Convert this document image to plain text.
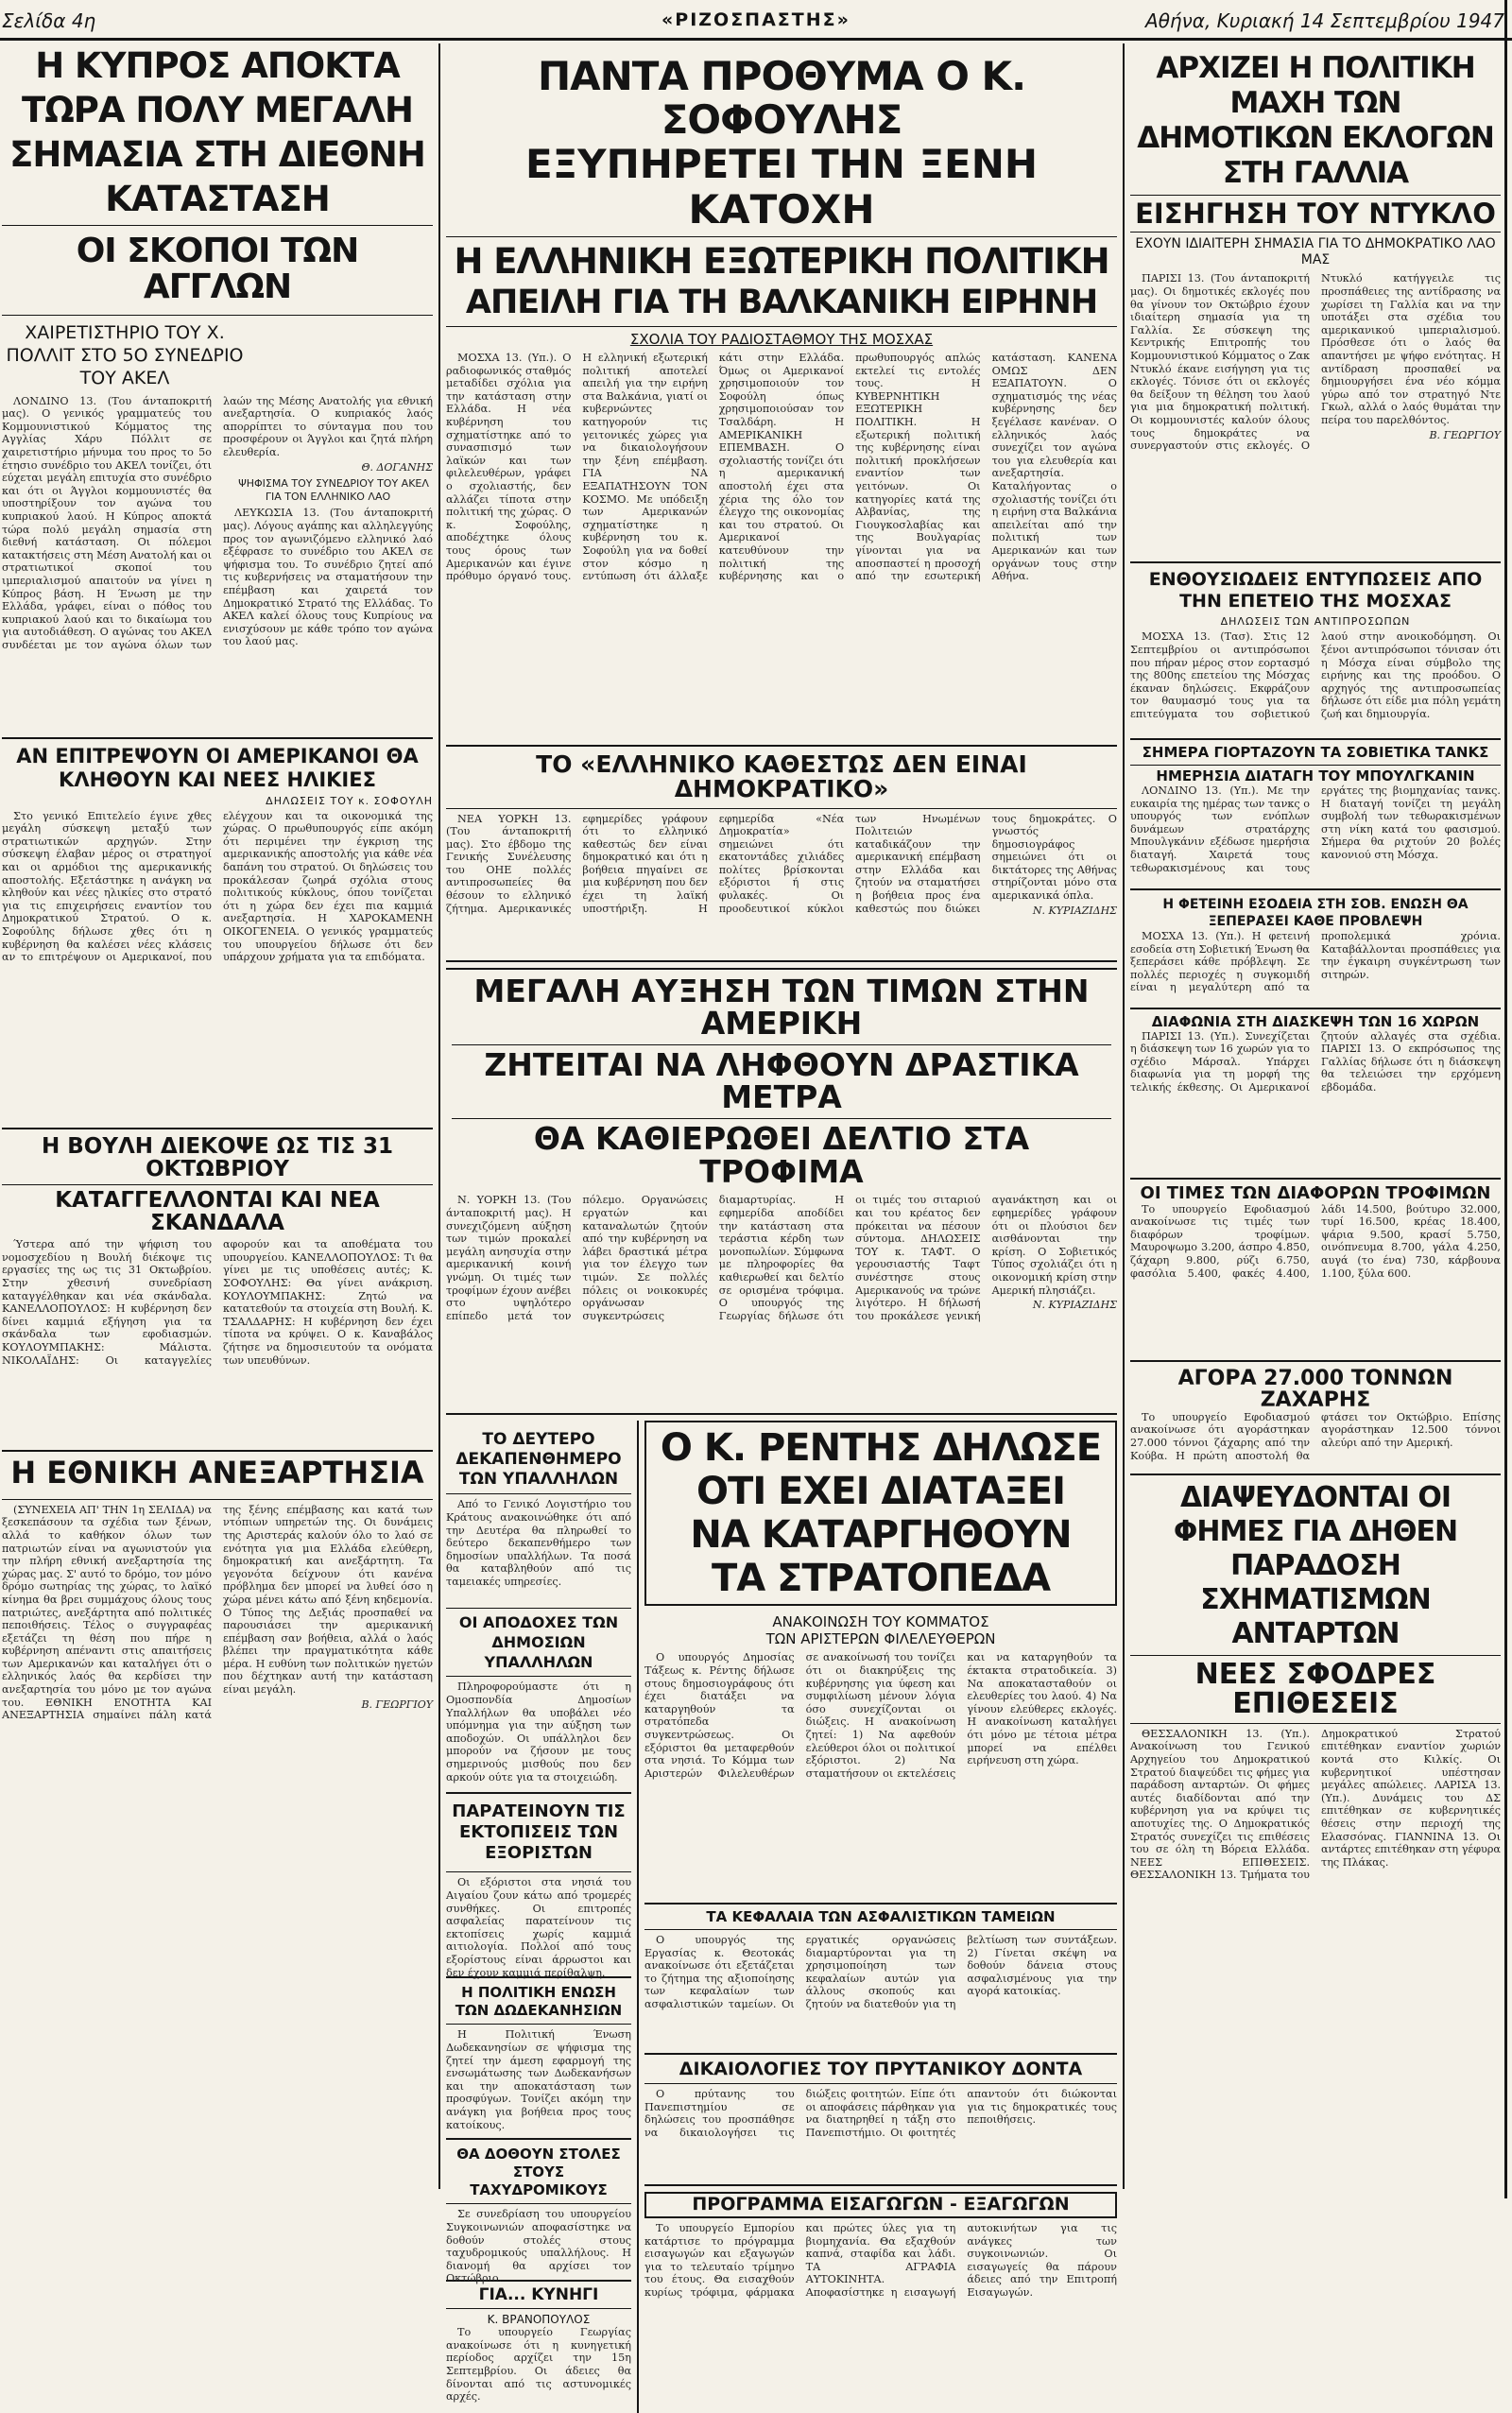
Σελίδα 4η	«ΡΙΖΟΣΠΑΣΤΗΣ»	Αθήνα, Κυριακή 14 Σεπτεμβρίου 1947
Η ΚΥΠΡΟΣ ΑΠΟΚΤΑ ΤΩΡΑ ΠΟΛΥ ΜΕΓΑΛΗ ΣΗΜΑΣΙΑ ΣΤΗ ΔΙΕΘΝΗ ΚΑΤΑΣΤΑΣΗ
ΟΙ ΣΚΟΠΟΙ ΤΩΝ ΑΓΓΛΩΝ

ΧΑΙΡΕΤΙΣΤΗΡΙΟ ΤΟΥ Χ. ΠΟΛΛΙΤ ΣΤΟ 5Ο ΣΥΝΕΔΡΙΟ ΤΟΥ ΑΚΕΛ

ΛΟΝΔΙΝΟ 13. (Του άνταποκριτή μας). Ο γενικός γραμματεύς του Κομμουνιστικού Κόμματος της Αγγλίας Χάρυ Πόλλιτ σε χαιρετιστήριο μήνυμα του προς το 5ο έτησιο συνέδριο του ΑΚΕΛ τονίζει, ότι εύχεται μεγάλη επιτυχία στο συνέδριο και ότι οι Άγγλοι κομμουνιστές θα υποστηρίξουν τον αγώνα του κυπριακού λαού. Η Κύπρος αποκτά τώρα πολύ μεγάλη σημασία στη διεθνή κατάσταση. Οι πόλεμοι κατακτήσεις στη Μέση Ανατολή και οι στρατιωτικοί σκοποί του ιμπεριαλισμού απαιτούν να γίνει η Κύπρος βάση. Η Ένωση με την Ελλάδα, γράφει, είναι ο πόθος του κυπριακού λαού και το δικαίωμα του για αυτοδιάθεση. Ο αγώνας του ΑΚΕΛ συνδέεται με τον αγώνα όλων των λαών της Μέσης Ανατολής για εθνική ανεξαρτησία. Ο κυπριακός λαός απορρίπτει το σύνταγμα που του προσφέρουν οι Άγγλοι και ζητά πλήρη ελευθερία.

Θ. ΔΟΓΑΝΗΣ

ΨΗΦΙΣΜΑ ΤΟΥ ΣΥΝΕΔΡΙΟΥ ΤΟΥ ΑΚΕΛ ΓΙΑ ΤΟΝ ΕΛΛΗΝΙΚΟ ΛΑΟ

ΛΕΥΚΩΣΙΑ 13. (Του άνταποκριτή μας). Λόγους αγάπης και αλληλεγγύης προς τον αγωνιζόμενο ελληνικό λαό εξέφρασε το συνέδριο του ΑΚΕΛ σε ψήφισμα του. Το συνέδριο ζητεί από τις κυβερνήσεις να σταματήσουν την επέμβαση και χαιρετά τον Δημοκρατικό Στρατό της Ελλάδας. Το ΑΚΕΛ καλεί όλους τους Κυπρίους να ενισχύσουν με κάθε τρόπο τον αγώνα του λαού μας.

ΑΝ ΕΠΙΤΡΕΨΟΥΝ ΟΙ ΑΜΕΡΙΚΑΝΟΙ ΘΑ ΚΛΗΘΟΥΝ ΚΑΙ ΝΕΕΣ ΗΛΙΚΙΕΣ

ΔΗΛΩΣΕΙΣ ΤΟΥ κ. ΣΟΦΟΥΛΗ

Στο γενικό Επιτελείο έγινε χθες μεγάλη σύσκεψη μεταξύ των στρατιωτικών αρχηγών. Στην σύσκεψη έλαβαν μέρος οι στρατηγοί και οι αρμόδιοι της αμερικανικής αποστολής. Εξετάστηκε η ανάγκη να κληθούν και νέες ηλικίες στο στρατό για τις επιχειρήσεις εναντίον του Δημοκρατικού Στρατού. Ο κ. Σοφούλης δήλωσε χθες ότι η κυβέρνηση θα καλέσει νέες κλάσεις αν το επιτρέψουν οι Αμερικανοί, που ελέγχουν και τα οικονομικά της χώρας. Ο πρωθυπουργός είπε ακόμη ότι περιμένει την έγκριση της αμερικανικής αποστολής για κάθε νέα δαπάνη του στρατού. Οι δηλώσεις του προκάλεσαν ζωηρά σχόλια στους πολιτικούς κύκλους, όπου τονίζεται ότι η χώρα δεν έχει πια καμμιά ανεξαρτησία. Η ΧΑΡΟΚΑΜΕΝΗ ΟΙΚΟΓΕΝΕΙΑ. Ο γενικός γραμματεύς του υπουργείου δήλωσε ότι δεν υπάρχουν χρήματα για τα επιδόματα.

Η ΒΟΥΛΗ ΔΙΕΚΟΨΕ ΩΣ ΤΙΣ 31 ΟΚΤΩΒΡΙΟΥ
ΚΑΤΑΓΓΕΛΛΟΝΤΑΙ ΚΑΙ ΝΕΑ ΣΚΑΝΔΑΛΑ

Ύστερα από την ψήφιση του νομοσχεδίου η Βουλή διέκοψε τις εργασίες της ως τις 31 Οκτωβρίου. Στην χθεσινή συνεδρίαση καταγγέλθηκαν και νέα σκάνδαλα. ΚΑΝΕΛΛΟΠΟΥΛΟΣ: Η κυβέρνηση δεν δίνει καμμιά εξήγηση για τα σκάνδαλα των εφοδιασμών. ΚΟΥΛΟΥΜΠΑΚΗΣ: Μάλιστα. ΝΙΚΟΛΑΪΔΗΣ: Οι καταγγελίες αφορούν και τα αποθέματα του υπουργείου. ΚΑΝΕΛΛΟΠΟΥΛΟΣ: Τι θα γίνει με τις υποθέσεις αυτές; Κ. ΣΟΦΟΥΛΗΣ: Θα γίνει ανάκριση. ΚΟΥΛΟΥΜΠΑΚΗΣ: Ζητώ να κατατεθούν τα στοιχεία στη Βουλή. Κ. ΤΣΑΛΔΑΡΗΣ: Η κυβέρνηση δεν έχει τίποτα να κρύψει. Ο κ. Καναβάλος ζήτησε να δημοσιευτούν τα ονόματα των υπευθύνων.

Η ΕΘΝΙΚΗ ΑΝΕΞΑΡΤΗΣΙΑ

(ΣΥΝΕΧΕΙΑ ΑΠ' ΤΗΝ 1η ΣΕΛΙΔΑ) να ξεσκεπάσουν τα σχέδια των ξένων, αλλά το καθήκον όλων των πατριωτών είναι να αγωνιστούν για την πλήρη εθνική ανεξαρτησία της χώρας μας. Σ' αυτό το δρόμο, τον μόνο δρόμο σωτηρίας της χώρας, το λαϊκό κίνημα θα βρει συμμάχους όλους τους πατριώτες, ανεξάρτητα από πολιτικές πεποιθήσεις. Τέλος ο συγγραφέας εξετάζει τη θέση που πήρε η κυβέρνηση απέναντι στις απαιτήσεις των Αμερικανών και καταλήγει ότι ο ελληνικός λαός θα κερδίσει την ανεξαρτησία του μόνο με τον αγώνα του. ΕΘΝΙΚΗ ΕΝΟΤΗΤΑ ΚΑΙ ΑΝΕΞΑΡΤΗΣΙΑ σημαίνει πάλη κατά της ξένης επέμβασης και κατά των ντόπιων υπηρετών της. Οι δυνάμεις της Αριστεράς καλούν όλο το λαό σε ενότητα για μια Ελλάδα ελεύθερη, δημοκρατική και ανεξάρτητη. Τα γεγονότα δείχνουν ότι κανένα πρόβλημα δεν μπορεί να λυθεί όσο η χώρα μένει κάτω από ξένη κηδεμονία. Ο Τύπος της Δεξιάς προσπαθεί να παρουσιάσει την αμερικανική επέμβαση σαν βοήθεια, αλλά ο λαός βλέπει την πραγματικότητα κάθε μέρα. Η ευθύνη των πολιτικών ηγετών που δέχτηκαν αυτή την κατάσταση είναι μεγάλη.

Β. ΓΕΩΡΓΙΟΥ

ΠΑΝΤΑ ΠΡΟΘΥΜΑ Ο Κ. ΣΟΦΟΥΛΗΣ
ΕΞΥΠΗΡΕΤΕΙ ΤΗΝ ΞΕΝΗ ΚΑΤΟΧΗ
Η ΕΛΛΗΝΙΚΗ ΕΞΩΤΕΡΙΚΗ ΠΟΛΙΤΙΚΗ
ΑΠΕΙΛΗ ΓΙΑ ΤΗ ΒΑΛΚΑΝΙΚΗ ΕΙΡΗΝΗ

ΣΧΟΛΙΑ ΤΟΥ ΡΑΔΙΟΣΤΑΘΜΟΥ ΤΗΣ ΜΟΣΧΑΣ

ΜΟΣΧΑ 13. (Υπ.). Ο ραδιοφωνικός σταθμός μεταδίδει σχόλια για την κατάσταση στην Ελλάδα. Η νέα κυβέρνηση του σχηματίστηκε από το συνασπισμό των λαϊκών και των φιλελευθέρων, γράφει ο σχολιαστής, δεν αλλάζει τίποτα στην πολιτική της χώρας. Ο κ. Σοφούλης, αποδέχτηκε όλους τους όρους των Αμερικανών και έγινε πρόθυμο όργανό τους. Η ελληνική εξωτερική πολιτική αποτελεί απειλή για την ειρήνη στα Βαλκάνια, γιατί οι κυβερνώντες κατηγορούν τις γειτονικές χώρες για να δικαιολογήσουν την ξένη επέμβαση. ΓΙΑ ΝΑ ΕΞΑΠΑΤΗΣΟΥΝ ΤΟΝ ΚΟΣΜΟ. Με υπόδειξη των Αμερικανών σχηματίστηκε η κυβέρνηση του κ. Σοφούλη για να δοθεί στον κόσμο η εντύπωση ότι άλλαξε κάτι στην Ελλάδα. Όμως οι Αμερικανοί χρησιμοποιούν τον Σοφούλη όπως χρησιμοποιούσαν τον Τσαλδάρη. Η ΑΜΕΡΙΚΑΝΙΚΗ ΕΠΕΜΒΑΣΗ. Ο σχολιαστής τονίζει ότι η αμερικανική αποστολή έχει στα χέρια της όλο τον έλεγχο της οικονομίας και του στρατού. Οι Αμερικανοί κατευθύνουν την πολιτική της κυβέρνησης και ο πρωθυπουργός απλώς εκτελεί τις εντολές τους. Η ΚΥΒΕΡΝΗΤΙΚΗ ΕΞΩΤΕΡΙΚΗ ΠΟΛΙΤΙΚΗ. Η εξωτερική πολιτική της κυβέρνησης είναι πολιτική προκλήσεων εναντίον των γειτόνων. Οι κατηγορίες κατά της Αλβανίας, της Γιουγκοσλαβίας και της Βουλγαρίας γίνονται για να αποσπαστεί η προσοχή από την εσωτερική κατάσταση. ΚΑΝΕΝΑ ΟΜΩΣ ΔΕΝ ΕΞΑΠΑΤΟΥΝ. Ο σχηματισμός της νέας κυβέρνησης δεν ξεγέλασε κανέναν. Ο ελληνικός λαός συνεχίζει τον αγώνα του για ελευθερία και ανεξαρτησία. Καταλήγοντας ο σχολιαστής τονίζει ότι η ειρήνη στα Βαλκάνια απειλείται από την πολιτική των Αμερικανών και των οργάνων τους στην Αθήνα.

ΤΟ «ΕΛΛΗΝΙΚΟ ΚΑΘΕΣΤΩΣ ΔΕΝ ΕΙΝΑΙ ΔΗΜΟΚΡΑΤΙΚΟ»

ΝΕΑ ΥΟΡΚΗ 13. (Του άνταποκριτή μας). Στο έβδομο της Γενικής Συνέλευσης του ΟΗΕ πολλές αντιπροσωπείες θα θέσουν το ελληνικό ζήτημα. Αμερικανικές εφημερίδες γράφουν ότι το ελληνικό καθεστώς δεν είναι δημοκρατικό και ότι η βοήθεια πηγαίνει σε μια κυβέρνηση που δεν έχει τη λαϊκή υποστήριξη. Η εφημερίδα «Νέα Δημοκρατία» σημειώνει ότι εκατοντάδες χιλιάδες πολίτες βρίσκονται εξόριστοι ή στις φυλακές. Οι προοδευτικοί κύκλοι των Ηνωμένων Πολιτειών καταδικάζουν την αμερικανική επέμβαση στην Ελλάδα και ζητούν να σταματήσει η βοήθεια προς ένα καθεστώς που διώκει τους δημοκράτες. Ο γνωστός δημοσιογράφος σημειώνει ότι οι δικτάτορες της Αθήνας στηρίζονται μόνο στα αμερικανικά όπλα.

Ν. ΚΥΡΙΑΖΙΔΗΣ

ΜΕΓΑΛΗ ΑΥΞΗΣΗ ΤΩΝ ΤΙΜΩΝ ΣΤΗΝ ΑΜΕΡΙΚΗ
ΖΗΤΕΙΤΑΙ ΝΑ ΛΗΦΘΟΥΝ ΔΡΑΣΤΙΚΑ ΜΕΤΡΑ
ΘΑ ΚΑΘΙΕΡΩΘΕΙ ΔΕΛΤΙΟ ΣΤΑ ΤΡΟΦΙΜΑ

Ν. ΥΟΡΚΗ 13. (Του άνταποκριτή μας). Η συνεχιζόμενη αύξηση των τιμών προκαλεί μεγάλη ανησυχία στην αμερικανική κοινή γνώμη. Οι τιμές των τροφίμων έχουν ανέβει στο υψηλότερο επίπεδο μετά τον πόλεμο. Οργανώσεις εργατών και καταναλωτών ζητούν από την κυβέρνηση να λάβει δραστικά μέτρα για τον έλεγχο των τιμών. Σε πολλές πόλεις οι νοικοκυρές οργάνωσαν συγκεντρώσεις διαμαρτυρίας. Η εφημερίδα αποδίδει την κατάσταση στα τεράστια κέρδη των μονοπωλίων. Σύμφωνα με πληροφορίες θα καθιερωθεί και δελτίο σε ορισμένα τρόφιμα. Ο υπουργός της Γεωργίας δήλωσε ότι οι τιμές του σιταριού και του κρέατος δεν πρόκειται να πέσουν σύντομα. ΔΗΛΩΣΕΙΣ ΤΟΥ κ. ΤΑΦΤ. Ο γερουσιαστής Ταφτ συνέστησε στους Αμερικανούς να τρώνε λιγότερο. Η δήλωσή του προκάλεσε γενική αγανάκτηση και οι εφημερίδες γράφουν ότι οι πλούσιοι δεν αισθάνονται την κρίση. Ο Σοβιετικός Τύπος σχολιάζει ότι η οικονομική κρίση στην Αμερική πλησιάζει.

Ν. ΚΥΡΙΑΖΙΔΗΣ

ΤΟ ΔΕΥΤΕΡΟ ΔΕΚΑΠΕΝΘΗΜΕΡΟ ΤΩΝ ΥΠΑΛΛΗΛΩΝ

Από το Γενικό Λογιστήριο του Κράτους ανακοινώθηκε ότι από την Δευτέρα θα πληρωθεί το δεύτερο δεκαπενθήμερο των δημοσίων υπαλλήλων. Τα ποσά θα καταβληθούν από τις ταμειακές υπηρεσίες.

ΟΙ ΑΠΟΔΟΧΕΣ ΤΩΝ ΔΗΜΟΣΙΩΝ ΥΠΑΛΛΗΛΩΝ

Πληροφορούμαστε ότι η Ομοσπονδία Δημοσίων Υπαλλήλων θα υποβάλει νέο υπόμνημα για την αύξηση των αποδοχών. Οι υπάλληλοι δεν μπορούν να ζήσουν με τους σημερινούς μισθούς που δεν αρκούν ούτε για τα στοιχειώδη.

ΠΑΡΑΤΕΙΝΟΥΝ ΤΙΣ ΕΚΤΟΠΙΣΕΙΣ ΤΩΝ ΕΞΟΡΙΣΤΩΝ

Οι εξόριστοι στα νησιά του Αιγαίου ζουν κάτω από τρομερές συνθήκες. Οι επιτροπές ασφαλείας παρατείνουν τις εκτοπίσεις χωρίς καμμιά αιτιολογία. Πολλοί από τους εξορίστους είναι άρρωστοι και δεν έχουν καμμιά περίθαλψη.

Η ΠΟΛΙΤΙΚΗ ΕΝΩΣΗ ΤΩΝ ΔΩΔΕΚΑΝΗΣΙΩΝ

Η Πολιτική Ένωση Δωδεκανησίων σε ψήφισμα της ζητεί την άμεση εφαρμογή της ενσωμάτωσης των Δωδεκανήσων και την αποκατάσταση των προσφύγων. Τονίζει ακόμη την ανάγκη για βοήθεια προς τους κατοίκους.

ΘΑ ΔΟΘΟΥΝ ΣΤΟΛΕΣ ΣΤΟΥΣ ΤΑΧΥΔΡΟΜΙΚΟΥΣ

Σε συνεδρίαση του υπουργείου Συγκοινωνιών αποφασίστηκε να δοθούν στολές στους ταχυδρομικούς υπαλλήλους. Η διανομή θα αρχίσει τον Οκτώβριο.

ΓΙΑ... ΚΥΝΗΓΙ

Κ. ΒΡΑΝΟΠΟΥΛΟΣ

Το υπουργείο Γεωργίας ανακοίνωσε ότι η κυνηγετική περίοδος αρχίζει την 15η Σεπτεμβρίου. Οι άδειες θα δίνονται από τις αστυνομικές αρχές.

Ο Κ. ΡΕΝΤΗΣ ΔΗΛΩΣΕ
ΟΤΙ ΕΧΕΙ ΔΙΑΤΑΞΕΙ
ΝΑ ΚΑΤΑΡΓΗΘΟΥΝ
ΤΑ ΣΤΡΑΤΟΠΕΔΑ

ΑΝΑΚΟΙΝΩΣΗ ΤΟΥ ΚΟΜΜΑΤΟΣ

ΤΩΝ ΑΡΙΣΤΕΡΩΝ ΦΙΛΕΛΕΥΘΕΡΩΝ

Ο υπουργός Δημοσίας Τάξεως κ. Ρέντης δήλωσε στους δημοσιογράφους ότι έχει διατάξει να καταργηθούν τα στρατόπεδα συγκεντρώσεως. Οι εξόριστοι θα μεταφερθούν στα νησιά. Το Κόμμα των Αριστερών Φιλελευθέρων σε ανακοίνωσή του τονίζει ότι οι διακηρύξεις της κυβέρνησης για ύφεση και συμφιλίωση μένουν λόγια όσο συνεχίζονται οι διώξεις. Η ανακοίνωση ζητεί: 1) Να αφεθούν ελεύθεροι όλοι οι πολιτικοί εξόριστοι. 2) Να σταματήσουν οι εκτελέσεις και να καταργηθούν τα έκτακτα στρατοδικεία. 3) Να αποκατασταθούν οι ελευθερίες του λαού. 4) Να γίνουν ελεύθερες εκλογές. Η ανακοίνωση καταλήγει ότι μόνο με τέτοια μέτρα μπορεί να επέλθει ειρήνευση στη χώρα.

ΤΑ ΚΕΦΑΛΑΙΑ ΤΩΝ ΑΣΦΑΛΙΣΤΙΚΩΝ ΤΑΜΕΙΩΝ

Ο υπουργός της Εργασίας κ. Θεοτοκάς ανακοίνωσε ότι εξετάζεται το ζήτημα της αξιοποίησης των κεφαλαίων των ασφαλιστικών ταμείων. Οι εργατικές οργανώσεις διαμαρτύρονται για τη χρησιμοποίηση των κεφαλαίων αυτών για άλλους σκοπούς και ζητούν να διατεθούν για τη βελτίωση των συντάξεων. 2) Γίνεται σκέψη να δοθούν δάνεια στους ασφαλισμένους για την αγορά κατοικίας.

ΔΙΚΑΙΟΛΟΓΙΕΣ ΤΟΥ ΠΡΥΤΑΝΙΚΟΥ ΔΟΝΤΑ

Ο πρύτανης του Πανεπιστημίου σε δηλώσεις του προσπάθησε να δικαιολογήσει τις διώξεις φοιτητών. Είπε ότι οι αποφάσεις πάρθηκαν για να διατηρηθεί η τάξη στο Πανεπιστήμιο. Οι φοιτητές απαντούν ότι διώκονται για τις δημοκρατικές τους πεποιθήσεις.

ΠΡΟΓΡΑΜΜΑ ΕΙΣΑΓΩΓΩΝ - ΕΞΑΓΩΓΩΝ

Το υπουργείο Εμπορίου κατάρτισε το πρόγραμμα εισαγωγών και εξαγωγών για το τελευταίο τρίμηνο του έτους. Θα εισαχθούν κυρίως τρόφιμα, φάρμακα και πρώτες ύλες για τη βιομηχανία. Θα εξαχθούν καπνά, σταφίδα και λάδι. ΤΑ ΑΓΡΑΦΙΑ ΑΥΤΟΚΙΝΗΤΑ. Αποφασίστηκε η εισαγωγή αυτοκινήτων για τις ανάγκες των συγκοινωνιών. Οι εισαγωγείς θα πάρουν άδειες από την Επιτροπή Εισαγωγών.

ΑΡΧΙΖΕΙ Η ΠΟΛΙΤΙΚΗ ΜΑΧΗ ΤΩΝ ΔΗΜΟΤΙΚΩΝ ΕΚΛΟΓΩΝ ΣΤΗ ΓΑΛΛΙΑ
ΕΙΣΗΓΗΣΗ ΤΟΥ ΝΤΥΚΛΟ

ΕΧΟΥΝ ΙΔΙΑΙΤΕΡΗ ΣΗΜΑΣΙΑ ΓΙΑ ΤΟ ΔΗΜΟΚΡΑΤΙΚΟ ΛΑΟ ΜΑΣ

ΠΑΡΙΣΙ 13. (Του άνταποκριτή μας). Οι δημοτικές εκλογές που θα γίνουν τον Οκτώβριο έχουν ιδιαίτερη σημασία για τη Γαλλία. Σε σύσκεψη της Κεντρικής Επιτροπής του Κομμουνιστικού Κόμματος ο Ζακ Ντυκλό έκανε εισήγηση για τις εκλογές. Τόνισε ότι οι εκλογές θα δείξουν τη θέληση του λαού για μια δημοκρατική πολιτική. Οι κομμουνιστές καλούν όλους τους δημοκράτες να συνεργαστούν στις εκλογές. Ο Ντυκλό κατήγγειλε τις προσπάθειες της αντίδρασης να χωρίσει τη Γαλλία και να την υποτάξει στα σχέδια του αμερικανικού ιμπεριαλισμού. Πρόσθεσε ότι ο λαός θα απαντήσει με ψήφο ενότητας. Η αντίδραση προσπαθεί να δημιουργήσει ένα νέο κόμμα γύρω από τον στρατηγό Ντε Γκωλ, αλλά ο λαός θυμάται την πείρα του παρελθόντος.

Β. ΓΕΩΡΓΙΟΥ

ΕΝΘΟΥΣΙΩΔΕΙΣ ΕΝΤΥΠΩΣΕΙΣ ΑΠΟ ΤΗΝ ΕΠΕΤΕΙΟ ΤΗΣ ΜΟΣΧΑΣ

ΔΗΛΩΣΕΙΣ ΤΩΝ ΑΝΤΙΠΡΟΣΩΠΩΝ

ΜΟΣΧΑ 13. (Τασ). Στις 12 Σεπτεμβρίου οι αντιπρόσωποι που πήραν μέρος στον εορτασμό της 800ης επετείου της Μόσχας έκαναν δηλώσεις. Εκφράζουν τον θαυμασμό τους για τα επιτεύγματα του σοβιετικού λαού στην ανοικοδόμηση. Οι ξένοι αντιπρόσωποι τόνισαν ότι η Μόσχα είναι σύμβολο της ειρήνης και της προόδου. Ο αρχηγός της αντιπροσωπείας δήλωσε ότι είδε μια πόλη γεμάτη ζωή και δημιουργία.

ΣΗΜΕΡΑ ΓΙΟΡΤΑΖΟΥΝ ΤΑ ΣΟΒΙΕΤΙΚΑ ΤΑΝΚΣ
ΗΜΕΡΗΣΙΑ ΔΙΑΤΑΓΗ ΤΟΥ ΜΠΟΥΛΓΚΑΝΙΝ

ΛΟΝΔΙΝΟ 13. (Υπ.). Με την ευκαιρία της ημέρας των τανκς ο υπουργός των ενόπλων δυνάμεων στρατάρχης Μπουλγκάνιν εξέδωσε ημερήσια διαταγή. Χαιρετά τους τεθωρακισμένους και τους εργάτες της βιομηχανίας τανκς. Η διαταγή τονίζει τη μεγάλη συμβολή των τεθωρακισμένων στη νίκη κατά του φασισμού. Σήμερα θα ριχτούν 20 βολές κανονιού στη Μόσχα.

Η ΦΕΤΕΙΝΗ ΕΣΟΔΕΙΑ ΣΤΗ ΣΟΒ. ΕΝΩΣΗ ΘΑ ΞΕΠΕΡΑΣΕΙ ΚΑΘΕ ΠΡΟΒΛΕΨΗ

ΜΟΣΧΑ 13. (Υπ.). Η φετεινή εσοδεία στη Σοβιετική Ένωση θα ξεπεράσει κάθε πρόβλεψη. Σε πολλές περιοχές η συγκομιδή είναι η μεγαλύτερη από τα προπολεμικά χρόνια. Καταβάλλονται προσπάθειες για την έγκαιρη συγκέντρωση των σιτηρών.

ΔΙΑΦΩΝΙΑ ΣΤΗ ΔΙΑΣΚΕΨΗ ΤΩΝ 16 ΧΩΡΩΝ

ΠΑΡΙΣΙ 13. (Υπ.). Συνεχίζεται η διάσκεψη των 16 χωρών για το σχέδιο Μάρσαλ. Υπάρχει διαφωνία για τη μορφή της τελικής έκθεσης. Οι Αμερικανοί ζητούν αλλαγές στα σχέδια. ΠΑΡΙΣΙ 13. Ο εκπρόσωπος της Γαλλίας δήλωσε ότι η διάσκεψη θα τελειώσει την ερχόμενη εβδομάδα.

ΟΙ ΤΙΜΕΣ ΤΩΝ ΔΙΑΦΟΡΩΝ ΤΡΟΦΙΜΩΝ

Το υπουργείο Εφοδιασμού ανακοίνωσε τις τιμές των διαφόρων τροφίμων. Μαυροψωμο 3.200, άσπρο 4.850, ζάχαρη 9.800, ρύζι 6.750, φασόλια 5.400, φακές 4.400, λάδι 14.500, βούτυρο 32.000, τυρί 16.500, κρέας 18.400, ψάρια 9.500, κρασί 5.750, οινόπνευμα 8.700, γάλα 4.250, αυγά (το ένα) 730, κάρβουνα 1.100, ξύλα 600.

ΑΓΟΡΑ 27.000 ΤΟΝΝΩΝ ΖΑΧΑΡΗΣ

Το υπουργείο Εφοδιασμού ανακοίνωσε ότι αγοράστηκαν 27.000 τόννοι ζάχαρης από την Κούβα. Η πρώτη αποστολή θα φτάσει τον Οκτώβριο. Επίσης αγοράστηκαν 12.500 τόννοι αλεύρι από την Αμερική.

ΔΙΑΨΕΥΔΟΝΤΑΙ ΟΙ ΦΗΜΕΣ ΓΙΑ ΔΗΘΕΝ ΠΑΡΑΔΟΣΗ ΣΧΗΜΑΤΙΣΜΩΝ ΑΝΤΑΡΤΩΝ
ΝΕΕΣ ΣΦΟΔΡΕΣ ΕΠΙΘΕΣΕΙΣ

ΘΕΣΣΑΛΟΝΙΚΗ 13. (Υπ.). Ανακοίνωση του Γενικού Αρχηγείου του Δημοκρατικού Στρατού διαψεύδει τις φήμες για παράδοση ανταρτών. Οι φήμες αυτές διαδίδονται από την κυβέρνηση για να κρύψει τις αποτυχίες της. Ο Δημοκρατικός Στρατός συνεχίζει τις επιθέσεις του σε όλη τη Βόρεια Ελλάδα. ΝΕΕΣ ΕΠΙΘΕΣΕΙΣ. ΘΕΣΣΑΛΟΝΙΚΗ 13. Τμήματα του Δημοκρατικού Στρατού επιτέθηκαν εναντίον χωριών κοντά στο Κιλκίς. Οι κυβερνητικοί υπέστησαν μεγάλες απώλειες. ΛΑΡΙΣΑ 13. (Υπ.). Δυνάμεις του ΔΣ επιτέθηκαν σε κυβερνητικές θέσεις στην περιοχή της Ελασσόνας. ΓΙΑΝΝΙΝΑ 13. Οι αντάρτες επιτέθηκαν στη γέφυρα της Πλάκας.
